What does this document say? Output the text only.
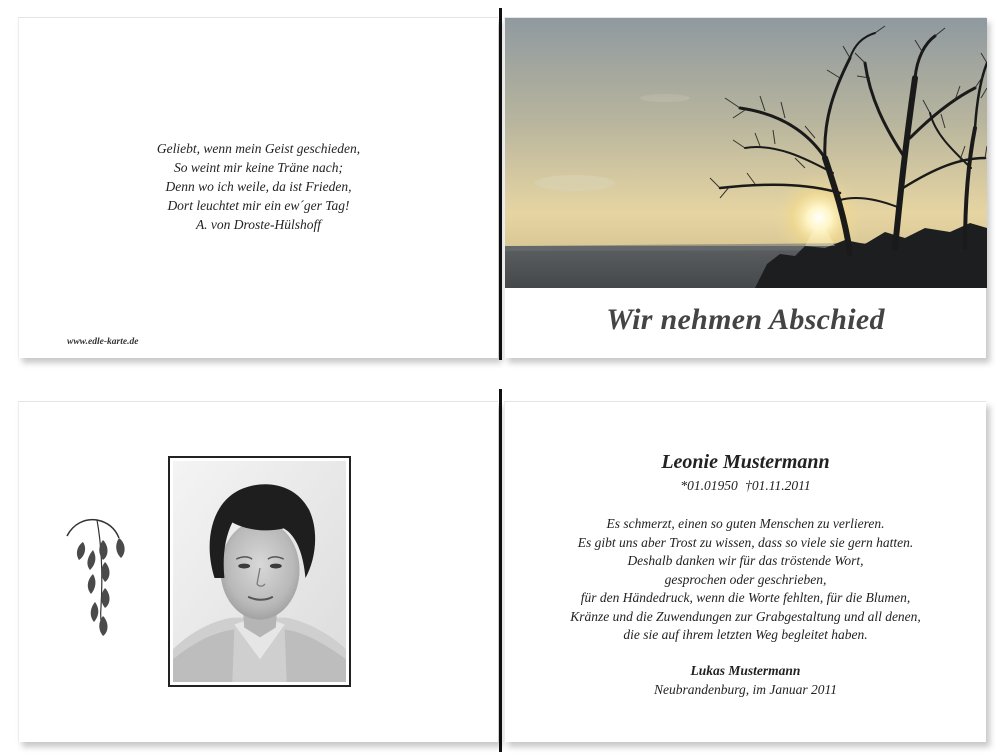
Geliebt, wenn mein Geist geschieden,
So weint mir keine Träne nach;
Denn wo ich weile, da ist Frieden,
Dort leuchtet mir ein ew´ger Tag!
A. von Droste-Hülshoff
www.edle-karte.de
Wir nehmen Abschied
Leonie Mustermann
*01.01950 †01.11.2011
Es schmerzt, einen so guten Menschen zu verlieren.
Es gibt uns aber Trost zu wissen, dass so viele sie gern hatten.
Deshalb danken wir für das tröstende Wort,
gesprochen oder geschrieben,
für den Händedruck, wenn die Worte fehlten, für die Blumen,
Kränze und die Zuwendungen zur Grabgestaltung und all denen,
die sie auf ihrem letzten Weg begleitet haben.
Lukas Mustermann
Neubrandenburg, im Januar 2011
